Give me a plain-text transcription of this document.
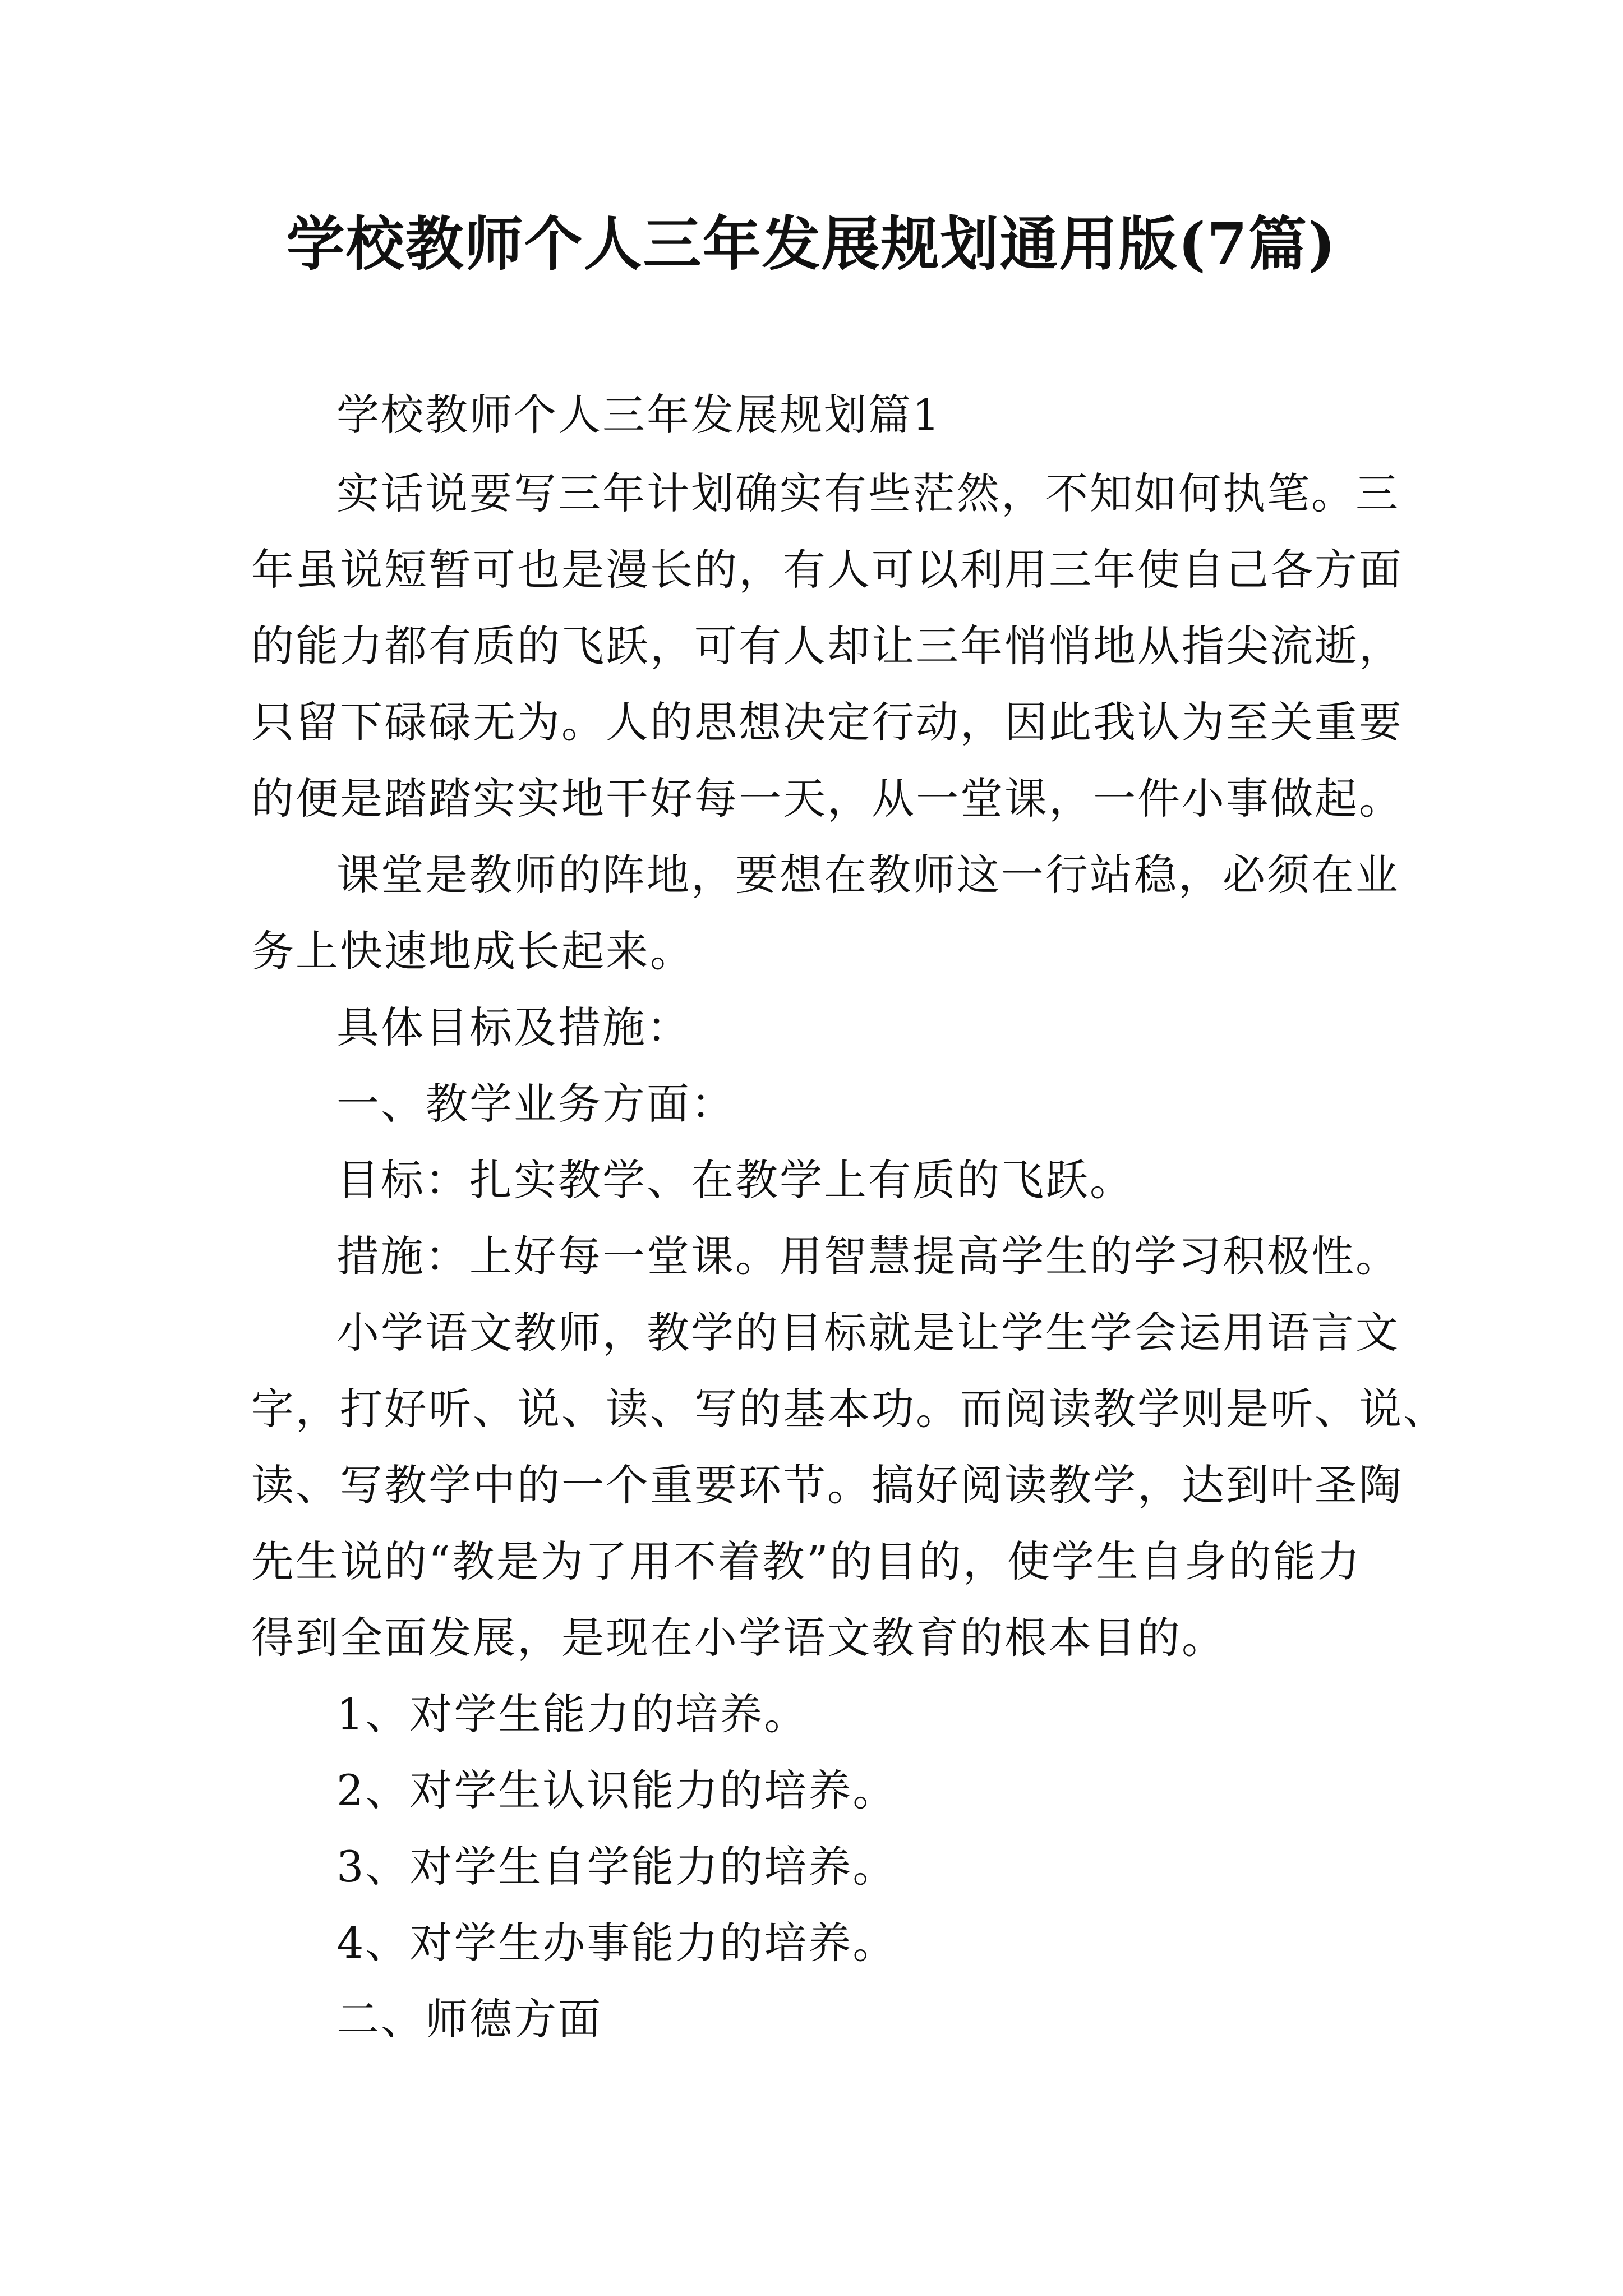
学校教师个人三年发展规划通用版(7篇)

学校教师个人三年发展规划篇1

实话说要写三年计划确实有些茫然，不知如何执笔。三

年虽说短暂可也是漫长的，有人可以利用三年使自己各方面

的能力都有质的飞跃，可有人却让三年悄悄地从指尖流逝，

只留下碌碌无为。人的思想决定行动，因此我认为至关重要

的便是踏踏实实地干好每一天，从一堂课，一件小事做起。

课堂是教师的阵地，要想在教师这一行站稳，必须在业

务上快速地成长起来。

具体目标及措施：

一、教学业务方面：

目标：扎实教学、在教学上有质的飞跃。

措施：上好每一堂课。用智慧提高学生的学习积极性。

小学语文教师，教学的目标就是让学生学会运用语言文

字，打好听、说、读、写的基本功。而阅读教学则是听、说、

读、写教学中的一个重要环节。搞好阅读教学，达到叶圣陶

先生说的“教是为了用不着教”的目的，使学生自身的能力

得到全面发展，是现在小学语文教育的根本目的。

1、对学生能力的培养。

2、对学生认识能力的培养。

3、对学生自学能力的培养。

4、对学生办事能力的培养。

二、师德方面
